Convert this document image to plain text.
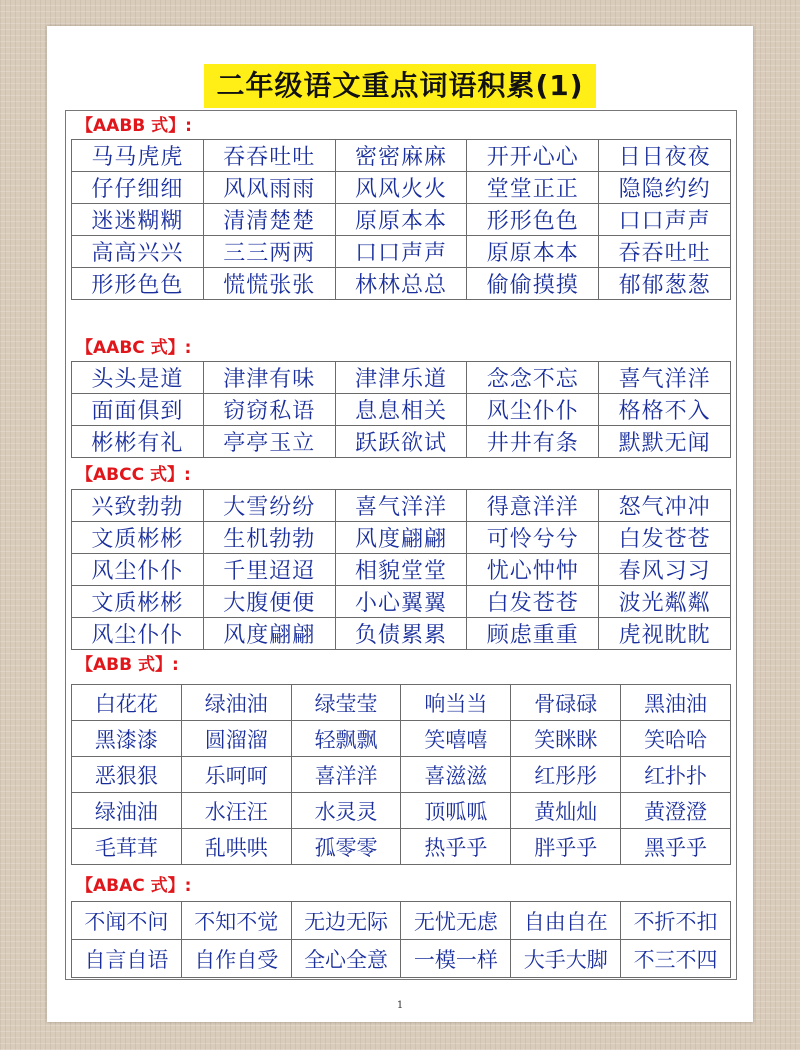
二年级语文重点词语积累(1)
【AABB 式】:
马马虎虎	吞吞吐吐	密密麻麻	开开心心	日日夜夜
仔仔细细	风风雨雨	风风火火	堂堂正正	隐隐约约
迷迷糊糊	清清楚楚	原原本本	形形色色	口口声声
高高兴兴	三三两两	口口声声	原原本本	吞吞吐吐
形形色色	慌慌张张	林林总总	偷偷摸摸	郁郁葱葱
【AABC 式】:
头头是道	津津有味	津津乐道	念念不忘	喜气洋洋
面面俱到	窃窃私语	息息相关	风尘仆仆	格格不入
彬彬有礼	亭亭玉立	跃跃欲试	井井有条	默默无闻
【ABCC 式】:
兴致勃勃	大雪纷纷	喜气洋洋	得意洋洋	怒气冲冲
文质彬彬	生机勃勃	风度翩翩	可怜兮兮	白发苍苍
风尘仆仆	千里迢迢	相貌堂堂	忧心忡忡	春风习习
文质彬彬	大腹便便	小心翼翼	白发苍苍	波光粼粼
风尘仆仆	风度翩翩	负债累累	顾虑重重	虎视眈眈
【ABB 式】:
白花花	绿油油	绿莹莹	响当当	骨碌碌	黑油油
黑漆漆	圆溜溜	轻飘飘	笑嘻嘻	笑眯眯	笑哈哈
恶狠狠	乐呵呵	喜洋洋	喜滋滋	红彤彤	红扑扑
绿油油	水汪汪	水灵灵	顶呱呱	黄灿灿	黄澄澄
毛茸茸	乱哄哄	孤零零	热乎乎	胖乎乎	黑乎乎
【ABAC 式】:
不闻不问	不知不觉	无边无际	无忧无虑	自由自在	不折不扣
自言自语	自作自受	全心全意	一模一样	大手大脚	不三不四
1
